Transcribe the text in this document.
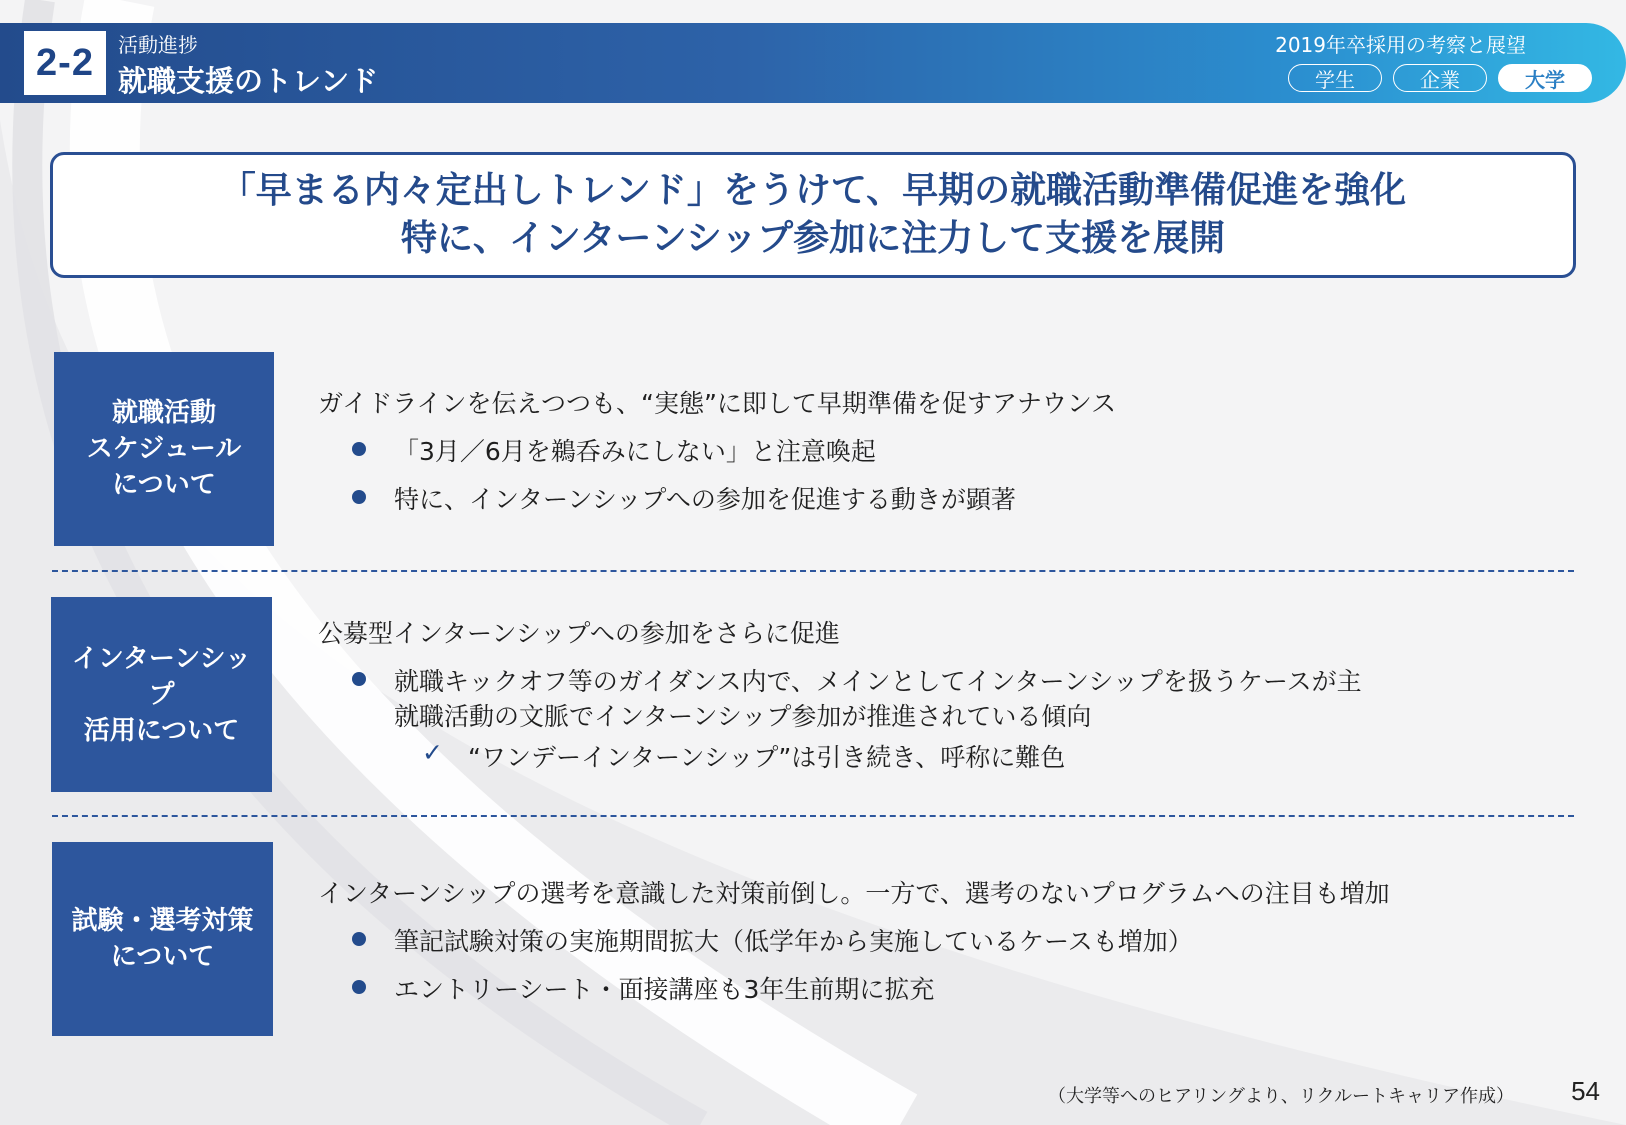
2-2	活動進捗
就職支援のトレンド
2019年卒採用の考察と展望
学生	企業	大学
「早まる内々定出しトレンド」をうけて、早期の就職活動準備促進を強化
特に、インターンシップ参加に注力して支援を展開
就職活動
スケジュール
について
ガイドラインを伝えつつも、“実態”に即して早期準備を促すアナウンス
「3月／6月を鵜呑みにしない」と注意喚起
特に、インターンシップへの参加を促進する動きが顕著
インターンシップ
活用について
公募型インターンシップへの参加をさらに促進
就職キックオフ等のガイダンス内で、メインとしてインターンシップを扱うケースが主
就職活動の文脈でインターンシップ参加が推進されている傾向
✓ “ワンデーインターンシップ”は引き続き、呼称に難色
試験・選考対策
について
インターンシップの選考を意識した対策前倒し。一方で、選考のないプログラムへの注目も増加
筆記試験対策の実施期間拡大（低学年から実施しているケースも増加）
エントリーシート・面接講座も3年生前期に拡充
（大学等へのヒアリングより、リクルートキャリア作成） 54
